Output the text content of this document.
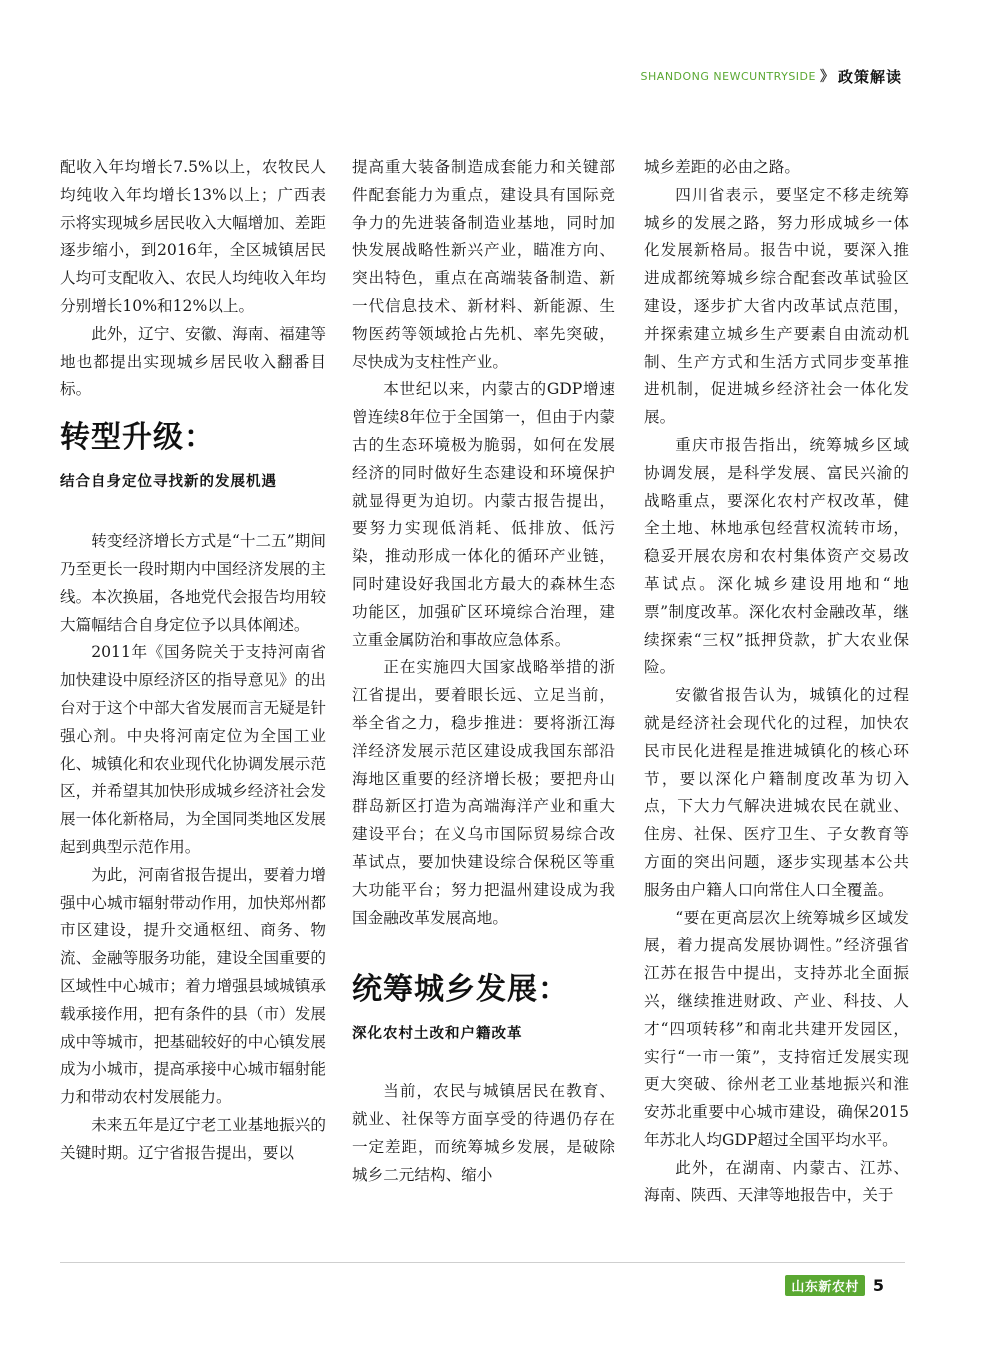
SHANDONG NEWCUNTRYSIDE 》 政策解读

配收入年均增长7.5%以上，农牧民人均纯收入年均增长13%以上；广西表示将实现城乡居民收入大幅增加、差距逐步缩小，到2016年，全区城镇居民人均可支配收入、农民人均纯收入年均分别增长10%和12%以上。

此外，辽宁、安徽、海南、福建等地也都提出实现城乡居民收入翻番目标。

转型升级：
结合自身定位寻找新的发展机遇

转变经济增长方式是“十二五”期间乃至更长一段时期内中国经济发展的主线。本次换届，各地党代会报告均用较大篇幅结合自身定位予以具体阐述。

2011年《国务院关于支持河南省加快建设中原经济区的指导意见》的出台对于这个中部大省发展而言无疑是针强心剂。中央将河南定位为全国工业化、城镇化和农业现代化协调发展示范区，并希望其加快形成城乡经济社会发展一体化新格局，为全国同类地区发展起到典型示范作用。

为此，河南省报告提出，要着力增强中心城市辐射带动作用，加快郑州都市区建设，提升交通枢纽、商务、物流、金融等服务功能，建设全国重要的区域性中心城市；着力增强县域城镇承载承接作用，把有条件的县（市）发展成中等城市，把基础较好的中心镇发展成为小城市，提高承接中心城市辐射能力和带动农村发展能力。

未来五年是辽宁老工业基地振兴的关键时期。辽宁省报告提出，要以

提高重大装备制造成套能力和关键部件配套能力为重点，建设具有国际竞争力的先进装备制造业基地，同时加快发展战略性新兴产业，瞄准方向、突出特色，重点在高端装备制造、新一代信息技术、新材料、新能源、生物医药等领域抢占先机、率先突破，尽快成为支柱性产业。

本世纪以来，内蒙古的GDP增速曾连续8年位于全国第一，但由于内蒙古的生态环境极为脆弱，如何在发展经济的同时做好生态建设和环境保护就显得更为迫切。内蒙古报告提出，要努力实现低消耗、低排放、低污染，推动形成一体化的循环产业链，同时建设好我国北方最大的森林生态功能区，加强矿区环境综合治理，建立重金属防治和事故应急体系。

正在实施四大国家战略举措的浙江省提出，要着眼长远、立足当前，举全省之力，稳步推进：要将浙江海洋经济发展示范区建设成我国东部沿海地区重要的经济增长极；要把舟山群岛新区打造为高端海洋产业和重大建设平台；在义乌市国际贸易综合改革试点，要加快建设综合保税区等重大功能平台；努力把温州建设成为我国金融改革发展高地。

统筹城乡发展：
深化农村土改和户籍改革

当前，农民与城镇居民在教育、就业、社保等方面享受的待遇仍存在一定差距，而统筹城乡发展，是破除城乡二元结构、缩小

城乡差距的必由之路。

四川省表示，要坚定不移走统筹城乡的发展之路，努力形成城乡一体化发展新格局。报告中说，要深入推进成都统筹城乡综合配套改革试验区建设，逐步扩大省内改革试点范围，并探索建立城乡生产要素自由流动机制、生产方式和生活方式同步变革推进机制，促进城乡经济社会一体化发展。

重庆市报告指出，统筹城乡区域协调发展，是科学发展、富民兴渝的战略重点，要深化农村产权改革，健全土地、林地承包经营权流转市场，稳妥开展农房和农村集体资产交易改革试点。深化城乡建设用地和“地票”制度改革。深化农村金融改革，继续探索“三权”抵押贷款，扩大农业保险。

安徽省报告认为，城镇化的过程就是经济社会现代化的过程，加快农民市民化进程是推进城镇化的核心环节，要以深化户籍制度改革为切入点，下大力气解决进城农民在就业、住房、社保、医疗卫生、子女教育等方面的突出问题，逐步实现基本公共服务由户籍人口向常住人口全覆盖。

“要在更高层次上统筹城乡区域发展，着力提高发展协调性。”经济强省江苏在报告中提出，支持苏北全面振兴，继续推进财政、产业、科技、人才“四项转移”和南北共建开发园区，实行“一市一策”，支持宿迁发展实现更大突破、徐州老工业基地振兴和淮安苏北重要中心城市建设，确保2015年苏北人均GDP超过全国平均水平。

此外，在湖南、内蒙古、江苏、海南、陕西、天津等地报告中，关于

山东新农村 5
